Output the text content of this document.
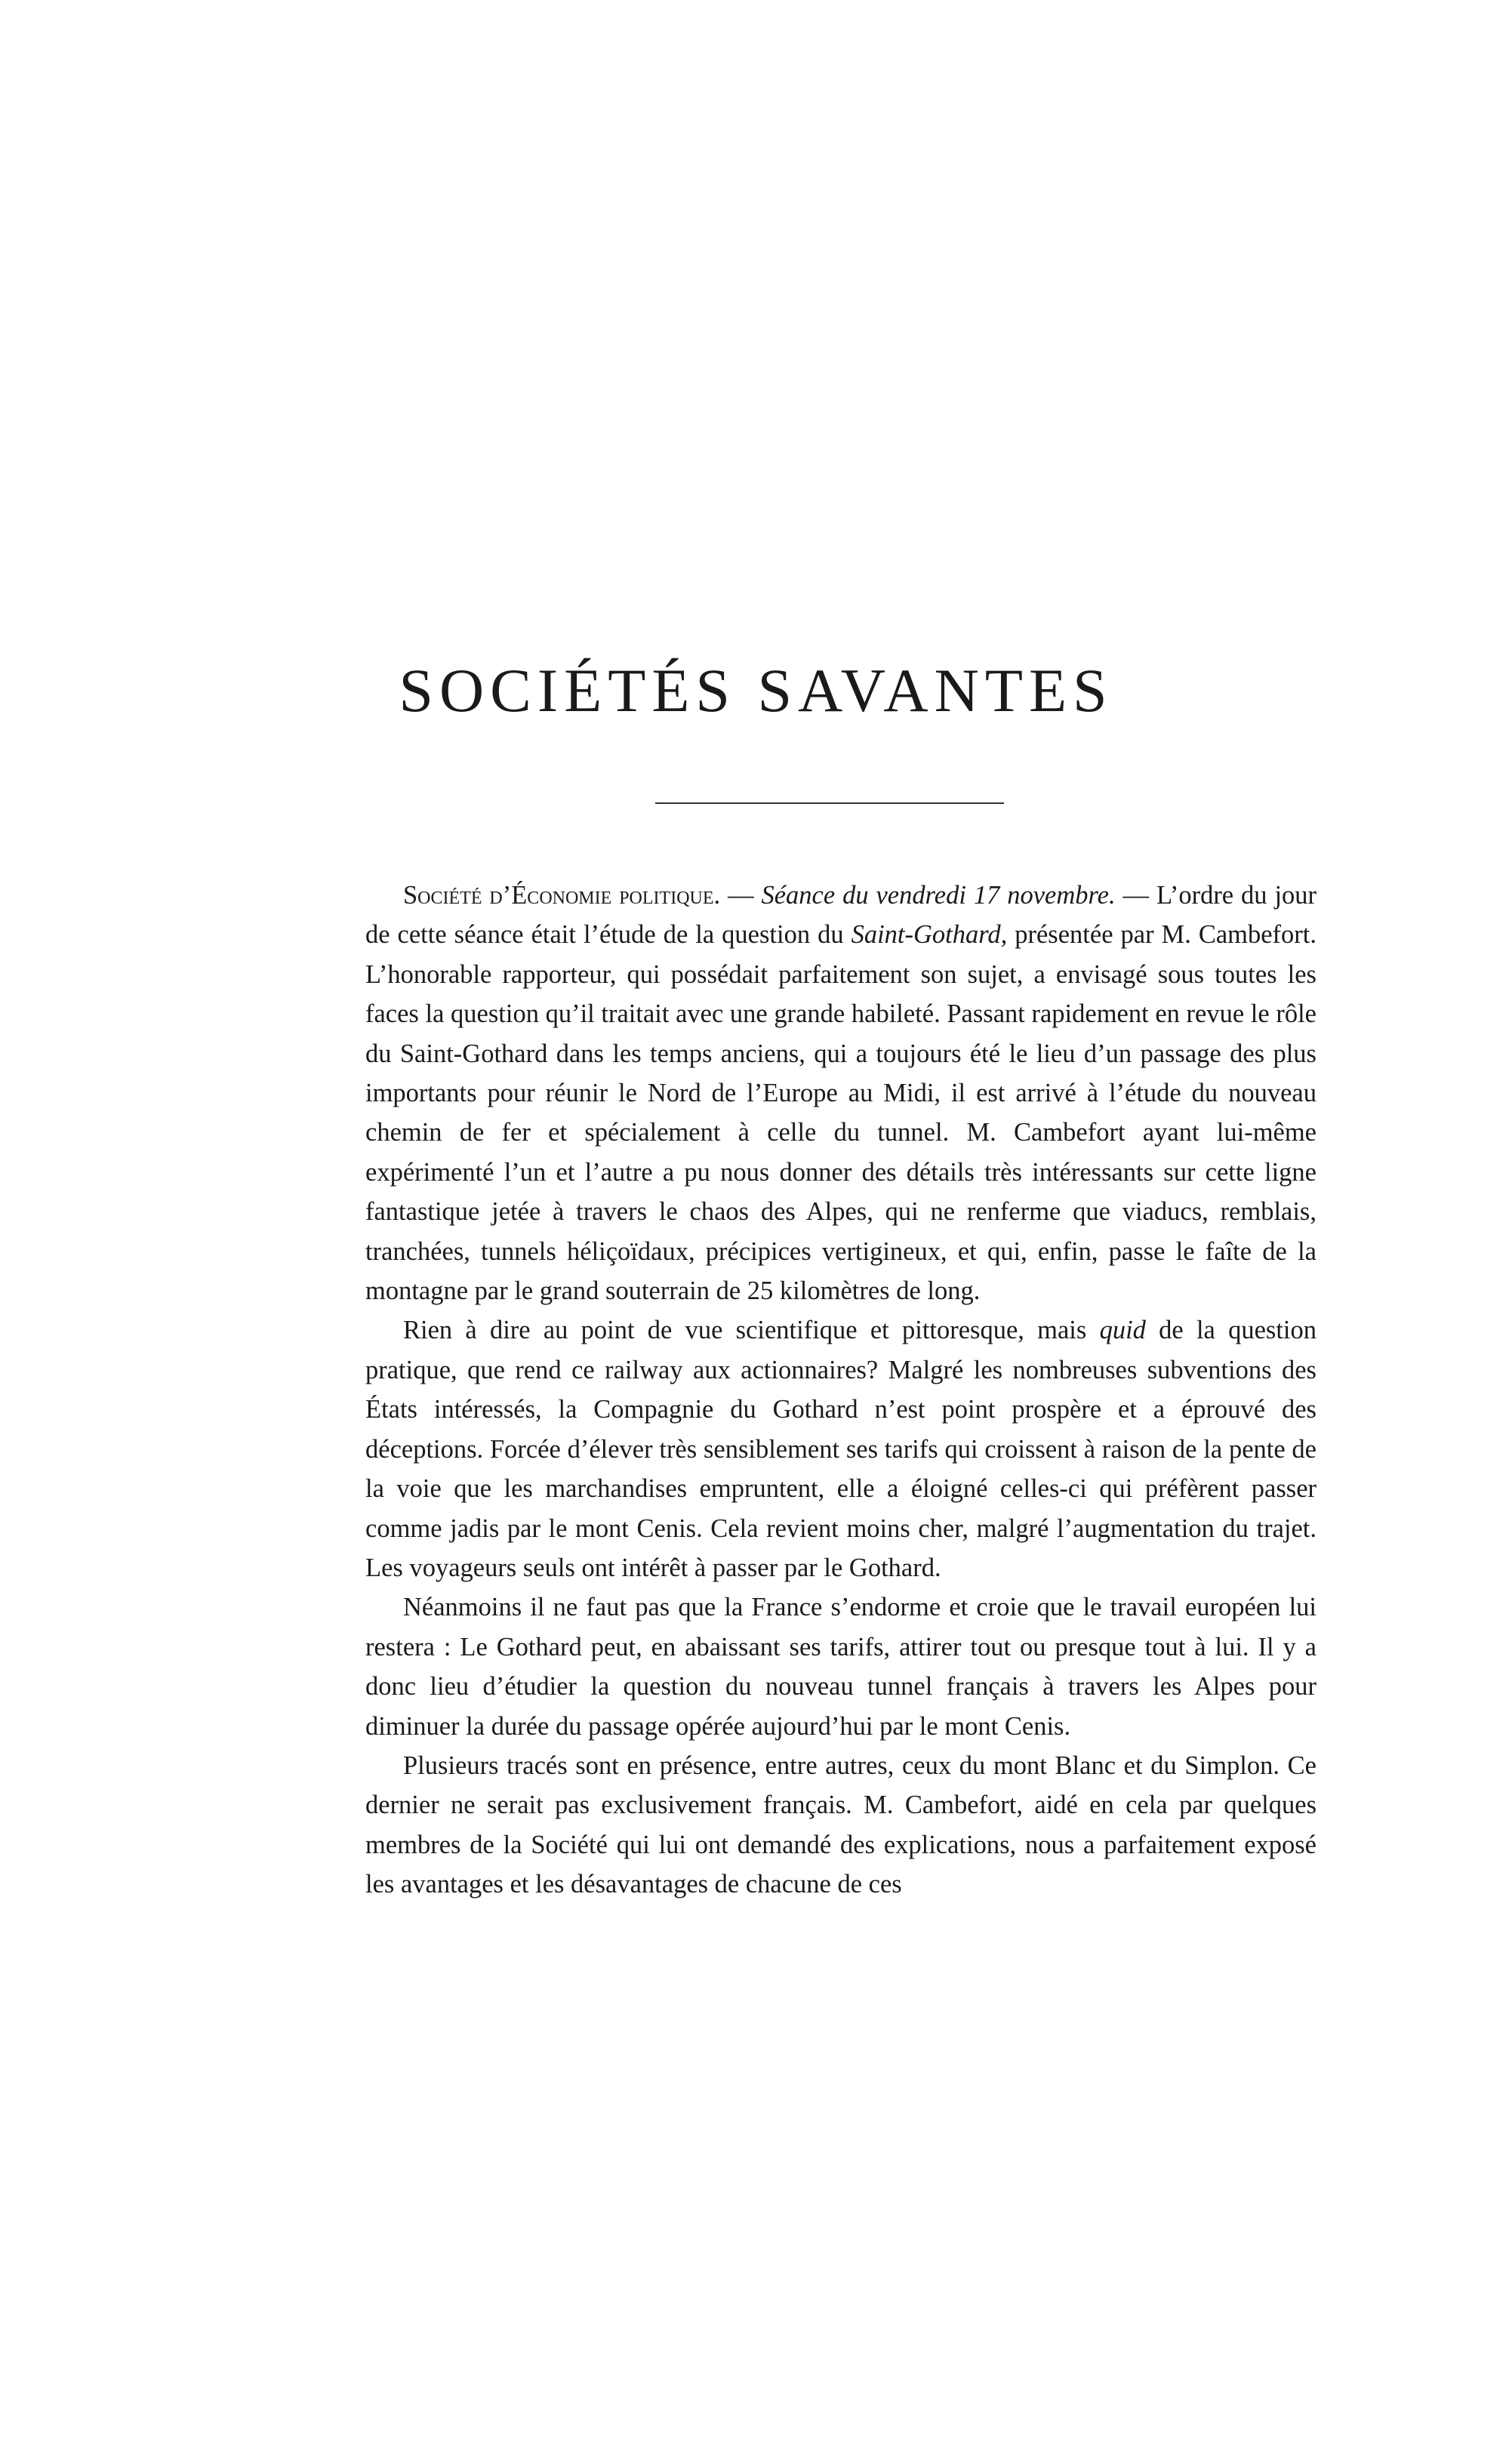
SOCIÉTÉS SAVANTES

Société d’Économie politique. — Séance du vendredi 17 novembre. — L’ordre du jour de cette séance était l’étude de la question du Saint-Gothard, présentée par M. Cambefort. L’honorable rapporteur, qui possédait parfaitement son sujet, a envisagé sous toutes les faces la question qu’il traitait avec une grande habileté. Passant rapidement en revue le rôle du Saint-Gothard dans les temps anciens, qui a toujours été le lieu d’un passage des plus importants pour réunir le Nord de l’Europe au Midi, il est arrivé à l’étude du nouveau chemin de fer et spécialement à celle du tunnel. M. Cambefort ayant lui-même expérimenté l’un et l’autre a pu nous donner des détails très intéressants sur cette ligne fantastique jetée à travers le chaos des Alpes, qui ne renferme que viaducs, remblais, tranchées, tunnels héliçoïdaux, précipices vertigineux, et qui, enfin, passe le faîte de la montagne par le grand souterrain de 25 kilomètres de long.

Rien à dire au point de vue scientifique et pittoresque, mais quid de la question pratique, que rend ce railway aux actionnaires? Malgré les nombreuses subventions des États intéressés, la Compagnie du Gothard n’est point prospère et a éprouvé des déceptions. Forcée d’élever très sensiblement ses tarifs qui croissent à raison de la pente de la voie que les marchandises empruntent, elle a éloigné celles-ci qui préfèrent passer comme jadis par le mont Cenis. Cela revient moins cher, malgré l’augmentation du trajet. Les voyageurs seuls ont intérêt à passer par le Gothard.

Néanmoins il ne faut pas que la France s’endorme et croie que le travail européen lui restera : Le Gothard peut, en abaissant ses tarifs, attirer tout ou presque tout à lui. Il y a donc lieu d’étudier la question du nouveau tunnel français à travers les Alpes pour diminuer la durée du passage opérée aujourd’hui par le mont Cenis.

Plusieurs tracés sont en présence, entre autres, ceux du mont Blanc et du Simplon. Ce dernier ne serait pas exclusivement français. M. Cambefort, aidé en cela par quelques membres de la Société qui lui ont demandé des explications, nous a parfaitement exposé les avantages et les désavantages de chacune de ces
